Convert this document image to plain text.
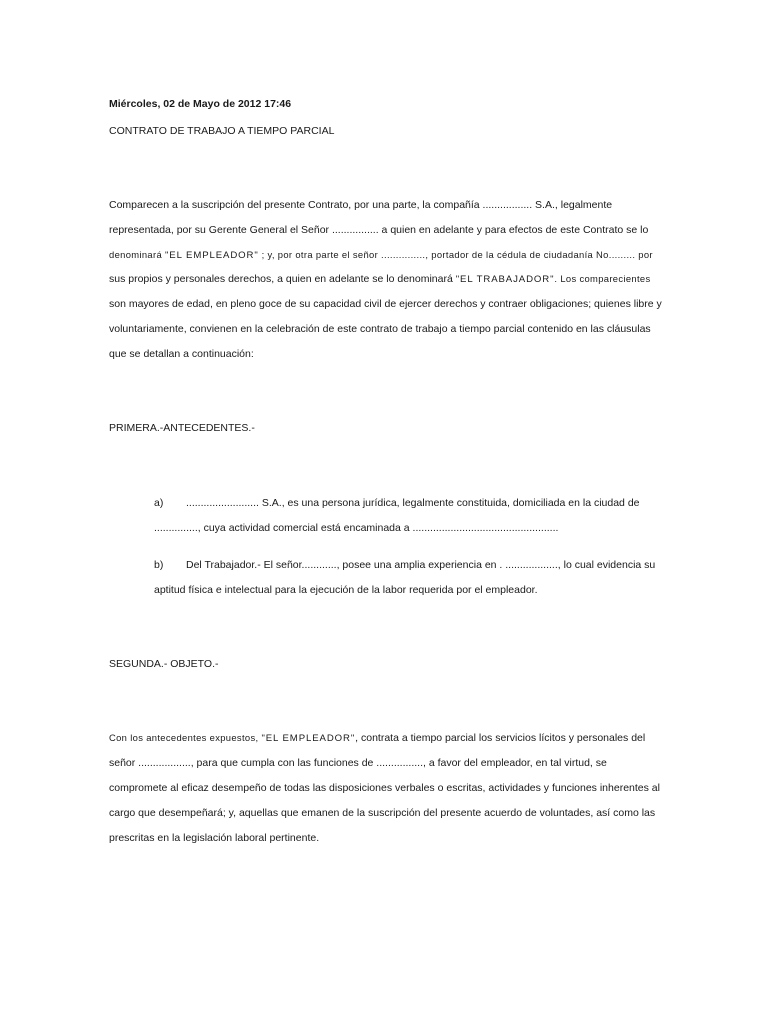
Miércoles, 02 de Mayo de 2012 17:46
CONTRATO DE TRABAJO A TIEMPO PARCIAL
Comparecen a la suscripción del presente Contrato, por una parte, la compañía ................. S.A., legalmente
representada, por su Gerente General el Señor ................ a quien en adelante y para efectos de este Contrato se lo
denominará "EL EMPLEADOR" ; y, por otra parte el señor ..............., portador de la cédula de ciudadanía No......... por
sus propios y personales derechos, a quien en adelante se lo denominará "EL TRABAJADOR". Los comparecientes
son mayores de edad, en pleno goce de su capacidad civil de ejercer derechos y contraer obligaciones; quienes libre y
voluntariamente, convienen en la celebración de este contrato de trabajo a tiempo parcial contenido en las cláusulas
que se detallan a continuación:
PRIMERA.-ANTECEDENTES.-
a) ......................... S.A., es una persona jurídica, legalmente constituida, domiciliada en la ciudad de
..............., cuya actividad comercial está encaminada a ..................................................
b) Del Trabajador.- El señor............, posee una amplia experiencia en . .................., lo cual evidencia su
aptitud física e intelectual para la ejecución de la labor requerida por el empleador.
SEGUNDA.- OBJETO.-
Con los antecedentes expuestos, "EL EMPLEADOR", contrata a tiempo parcial los servicios lícitos y personales del
señor .................., para que cumpla con las funciones de ................, a favor del empleador, en tal virtud, se
compromete al eficaz desempeño de todas las disposiciones verbales o escritas, actividades y funciones inherentes al
cargo que desempeñará; y, aquellas que emanen de la suscripción del presente acuerdo de voluntades, así como las
prescritas en la legislación laboral pertinente.
